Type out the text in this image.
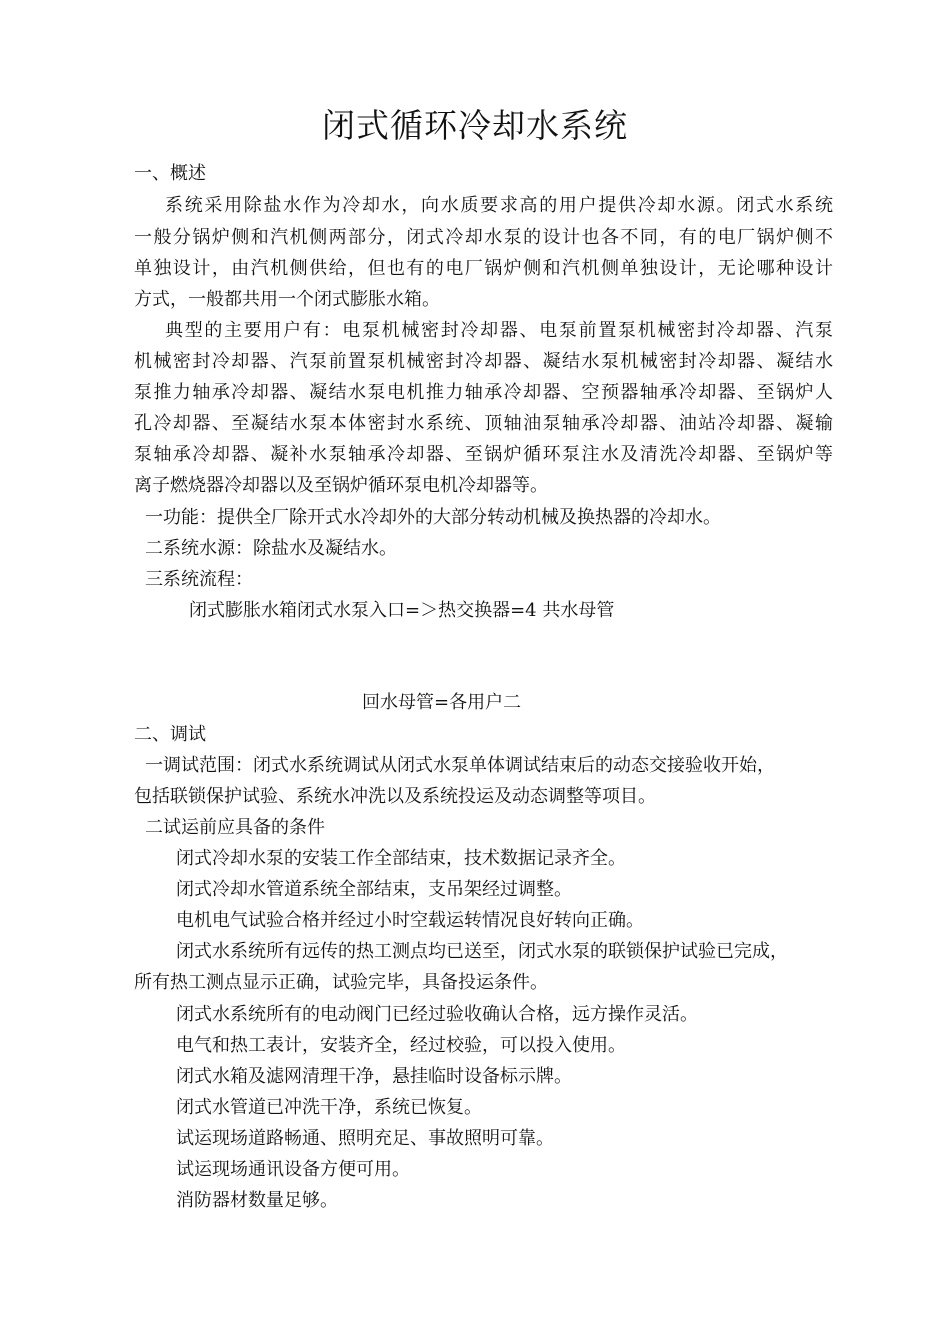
闭式循环冷却水系统
一、概述
系统采用除盐水作为冷却水，向水质要求高的用户提供冷却水源。闭式水系统
一般分锅炉侧和汽机侧两部分，闭式冷却水泵的设计也各不同，有的电厂锅炉侧不
单独设计，由汽机侧供给，但也有的电厂锅炉侧和汽机侧单独设计，无论哪种设计
方式，一般都共用一个闭式膨胀水箱。
典型的主要用户有：电泵机械密封冷却器、电泵前置泵机械密封冷却器、汽泵
机械密封冷却器、汽泵前置泵机械密封冷却器、凝结水泵机械密封冷却器、凝结水
泵推力轴承冷却器、凝结水泵电机推力轴承冷却器、空预器轴承冷却器、至锅炉人
孔冷却器、至凝结水泵本体密封水系统、顶轴油泵轴承冷却器、油站冷却器、凝输
泵轴承冷却器、凝补水泵轴承冷却器、至锅炉循环泵注水及清洗冷却器、至锅炉等
离子燃烧器冷却器以及至锅炉循环泵电机冷却器等。
一功能：提供全厂除开式水冷却外的大部分转动机械及换热器的冷却水。
二系统水源：除盐水及凝结水。
三系统流程：
闭式膨胀水箱闭式水泵入口=＞热交换器=4 共水母管
回水母管=各用户二
二、调试
一调试范围：闭式水系统调试从闭式水泵单体调试结束后的动态交接验收开始，
包括联锁保护试验、系统水冲洗以及系统投运及动态调整等项目。
二试运前应具备的条件
闭式冷却水泵的安装工作全部结束，技术数据记录齐全。
闭式冷却水管道系统全部结束，支吊架经过调整。
电机电气试验合格并经过小时空载运转情况良好转向正确。
闭式水系统所有远传的热工测点均已送至，闭式水泵的联锁保护试验已完成，
所有热工测点显示正确，试验完毕，具备投运条件。
闭式水系统所有的电动阀门已经过验收确认合格，远方操作灵活。
电气和热工表计，安装齐全，经过校验，可以投入使用。
闭式水箱及滤网清理干净，悬挂临时设备标示牌。
闭式水管道已冲洗干净，系统已恢复。
试运现场道路畅通、照明充足、事故照明可靠。
试运现场通讯设备方便可用。
消防器材数量足够。
